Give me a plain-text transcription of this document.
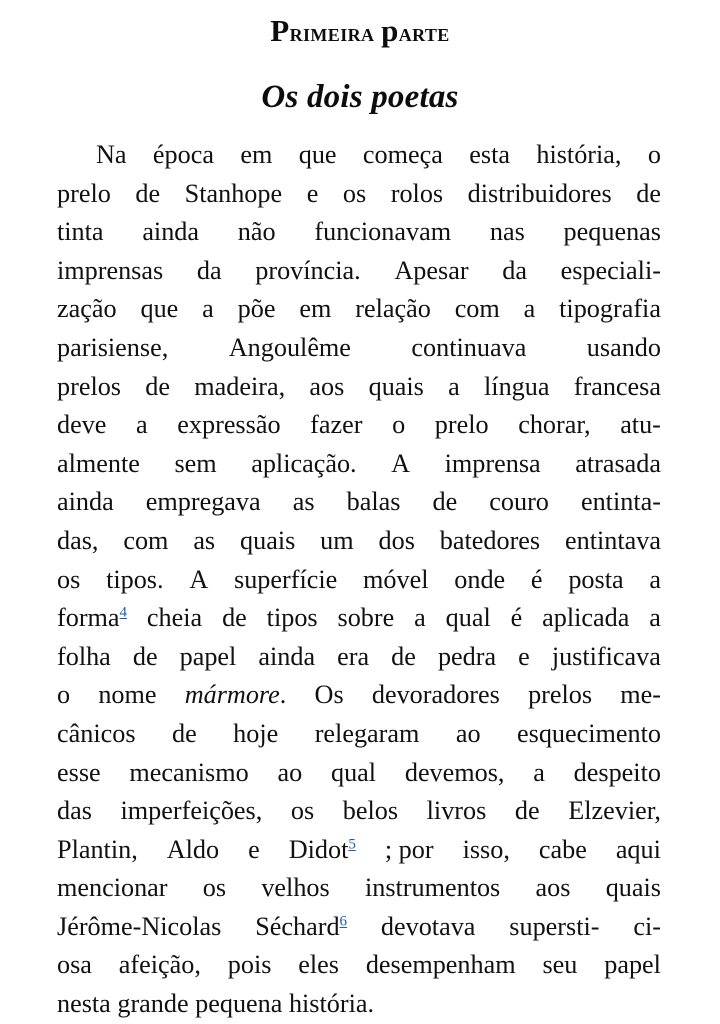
Primeira parte
Os dois poetas
Na época em que começa esta história, o
prelo de Stanhope e os rolos distribuidores de
tinta ainda não funcionavam nas pequenas
imprensas da província. Apesar da especiali-
zação que a põe em relação com a tipografia
parisiense, Angoulême continuava usando
prelos de madeira, aos quais a língua francesa
deve a expressão fazer o prelo chorar, atu-
almente sem aplicação. A imprensa atrasada
ainda empregava as balas de couro entinta-
das, com as quais um dos batedores entintava
os tipos. A superfície móvel onde é posta a
forma$^4$ cheia de tipos sobre a qual é aplicada a
folha de papel ainda era de pedra e justificava
o nome mármore. Os devoradores prelos me-
cânicos de hoje relegaram ao esquecimento
esse mecanismo ao qual devemos, a despeito
das imperfeições, os belos livros de Elzevier,
Plantin, Aldo e Didot$^5$ ; por isso, cabe aqui
mencionar os velhos instrumentos aos quais
Jérôme-Nicolas Séchard$^6$ devotava supersti- ci-
osa afeição, pois eles desempenham seu papel
nesta grande pequena história.
